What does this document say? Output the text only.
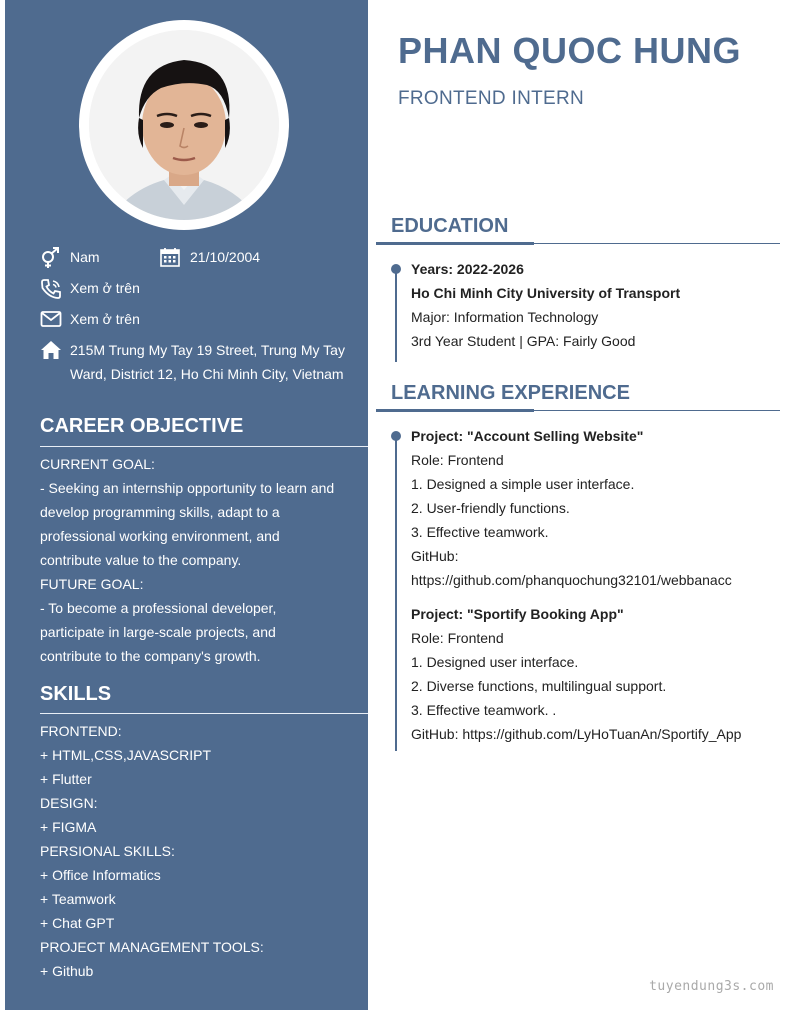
Nam	21/10/2004
Xem ở trên
Xem ở trên
215M Trung My Tay 19 Street, Trung My Tay
Ward, District 12, Ho Chi Minh City, Vietnam
CAREER OBJECTIVE
CURRENT GOAL:
- Seeking an internship opportunity to learn and
develop programming skills, adapt to a
professional working environment, and
contribute value to the company.
FUTURE GOAL:
- To become a professional developer,
participate in large-scale projects, and
contribute to the company's growth.
SKILLS
FRONTEND:
+ HTML,CSS,JAVASCRIPT
+ Flutter
DESIGN:
+ FIGMA
PERSIONAL SKILLS:
+ Office Informatics
+ Teamwork
+ Chat GPT
PROJECT MANAGEMENT TOOLS:
+ Github
PHAN QUOC HUNG
FRONTEND INTERN
EDUCATION
Years: 2022-2026
Ho Chi Minh City University of Transport
Major: Information Technology
3rd Year Student | GPA: Fairly Good
LEARNING EXPERIENCE
Project: "Account Selling Website"
Role: Frontend
1. Designed a simple user interface.
2. User-friendly functions.
3. Effective teamwork.
GitHub:
https://github.com/phanquochung32101/webbanacc
Project: "Sportify Booking App"
Role: Frontend
1. Designed user interface.
2. Diverse functions, multilingual support.
3. Effective teamwork. .
GitHub: https://github.com/LyHoTuanAn/Sportify_App
tuyendung3s.com
